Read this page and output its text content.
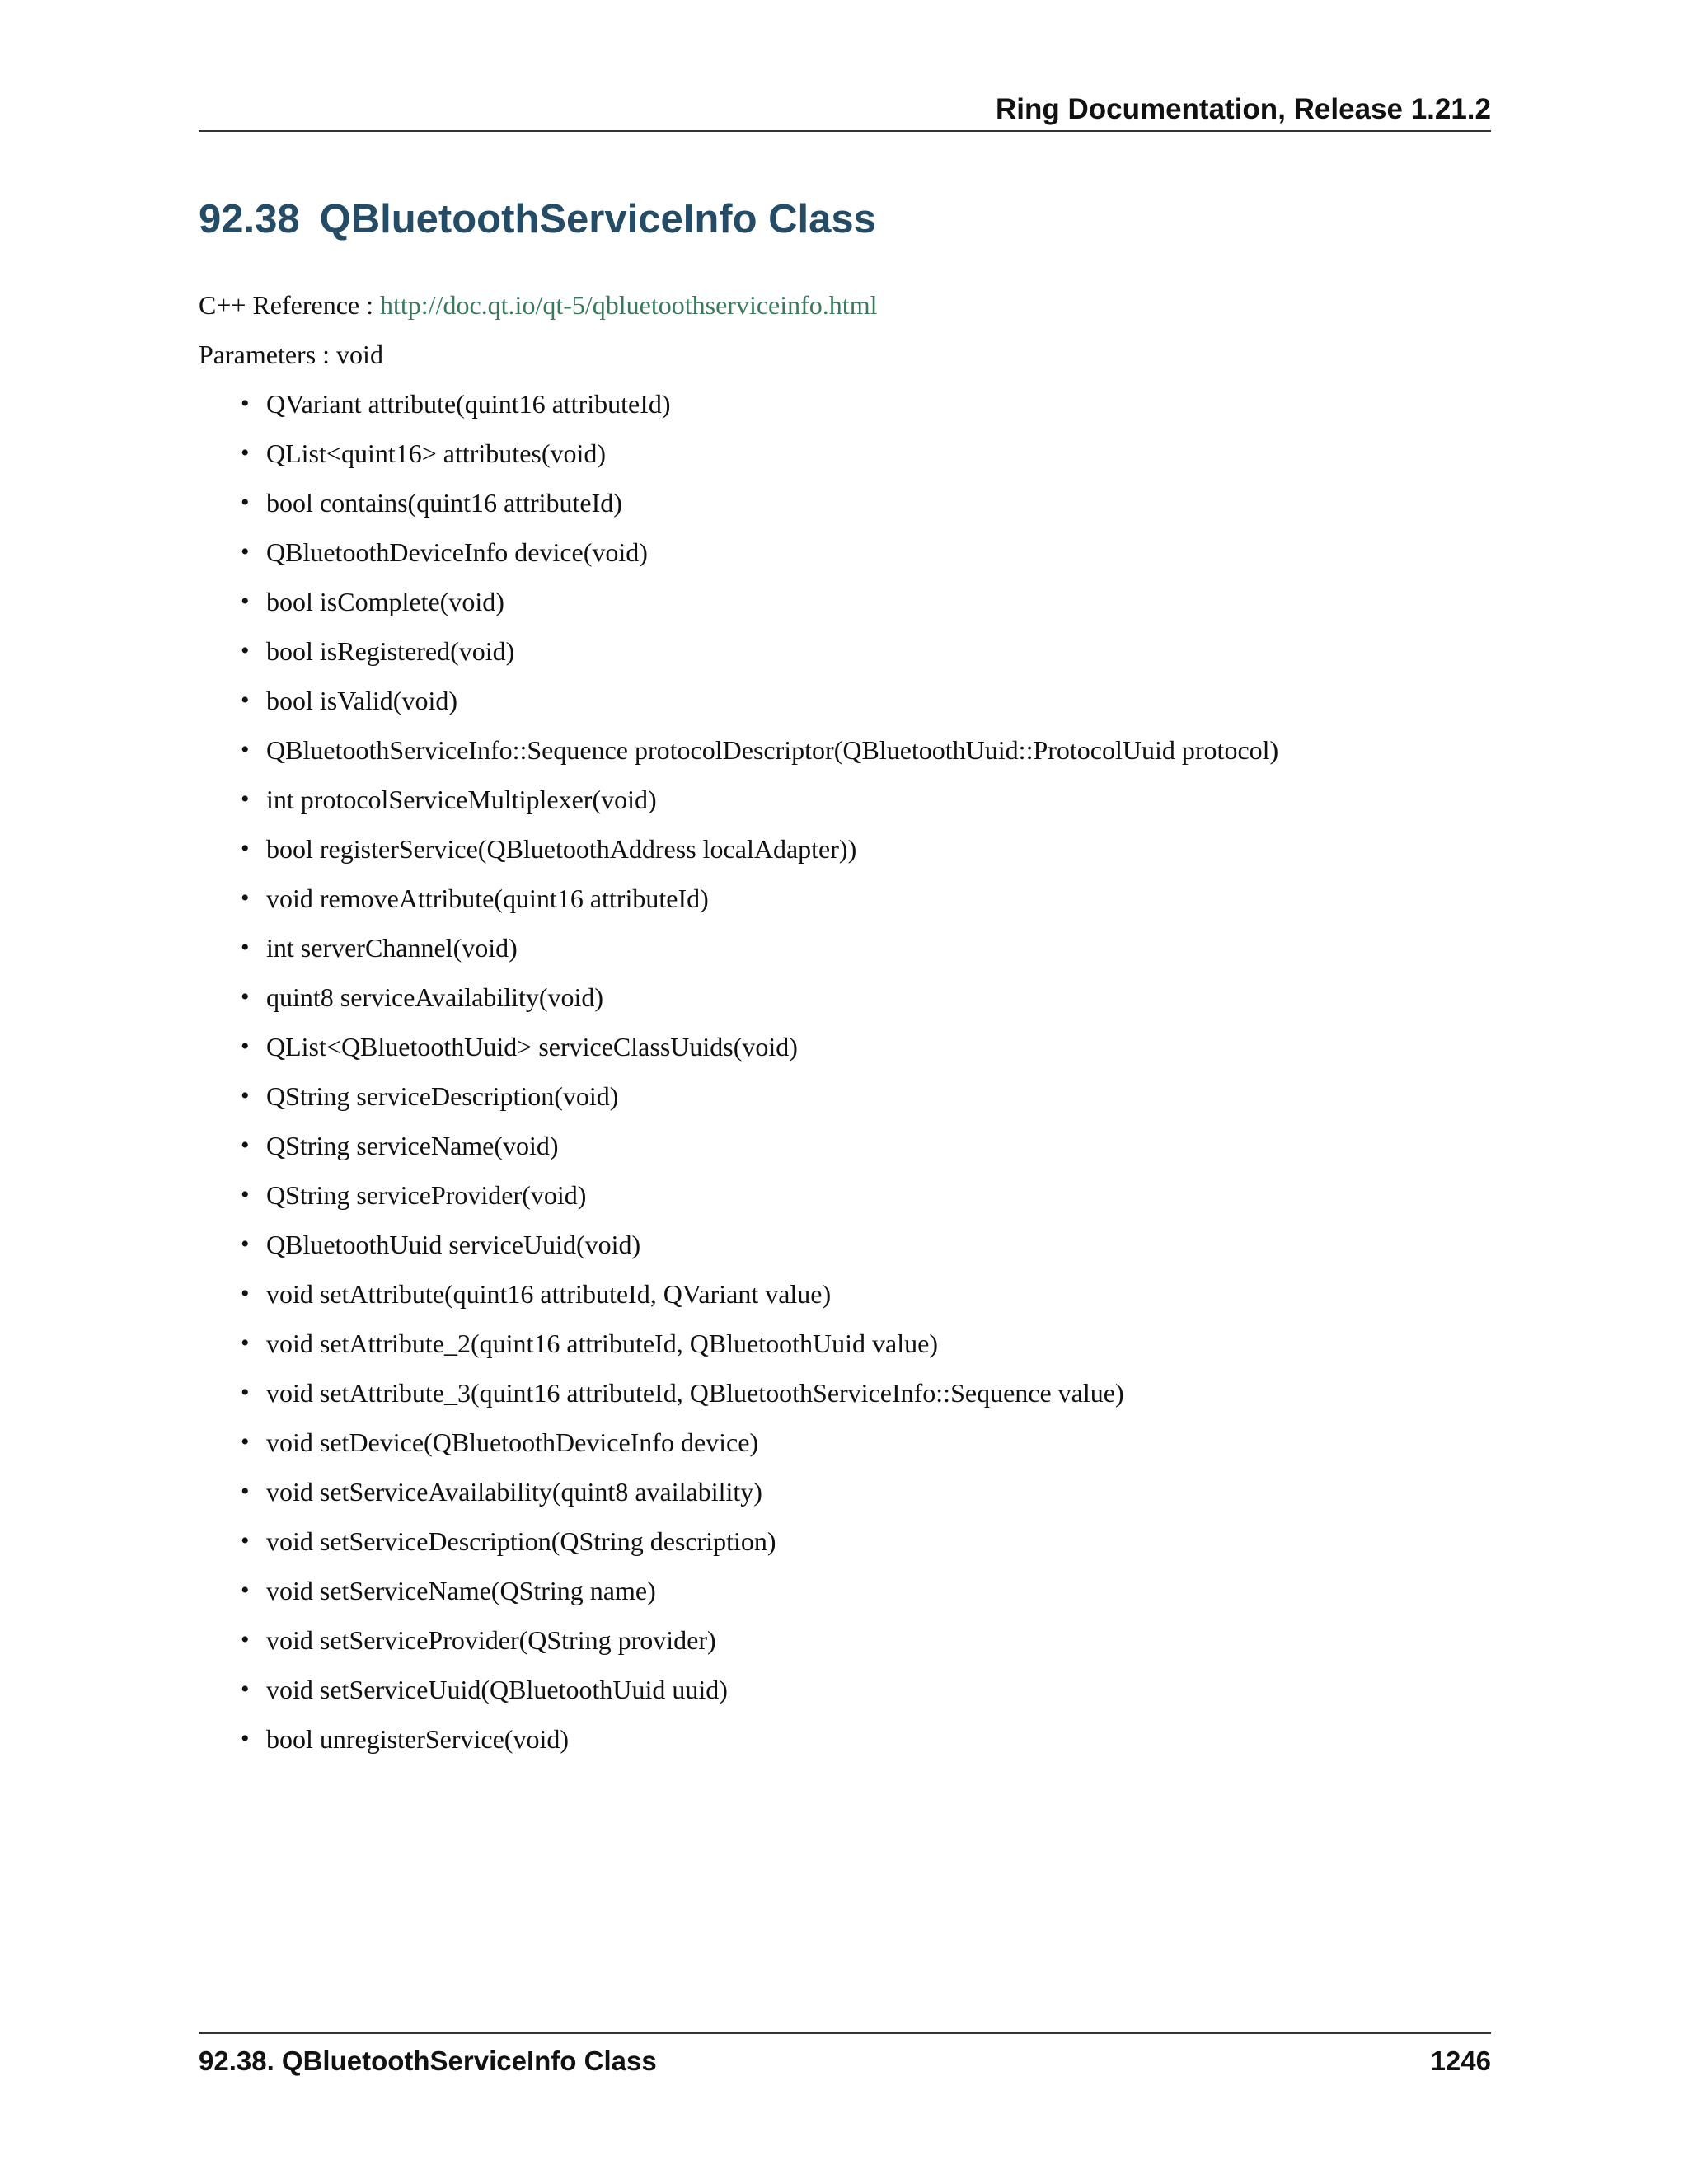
Ring Documentation, Release 1.21.2
92.38 QBluetoothServiceInfo Class
C++ Reference : http://doc.qt.io/qt-5/qbluetoothserviceinfo.html
Parameters : void
• QVariant attribute(quint16 attributeId)
• QList<quint16> attributes(void)
• bool contains(quint16 attributeId)
• QBluetoothDeviceInfo device(void)
• bool isComplete(void)
• bool isRegistered(void)
• bool isValid(void)
• QBluetoothServiceInfo::Sequence protocolDescriptor(QBluetoothUuid::ProtocolUuid protocol)
• int protocolServiceMultiplexer(void)
• bool registerService(QBluetoothAddress localAdapter))
• void removeAttribute(quint16 attributeId)
• int serverChannel(void)
• quint8 serviceAvailability(void)
• QList<QBluetoothUuid> serviceClassUuids(void)
• QString serviceDescription(void)
• QString serviceName(void)
• QString serviceProvider(void)
• QBluetoothUuid serviceUuid(void)
• void setAttribute(quint16 attributeId, QVariant value)
• void setAttribute_2(quint16 attributeId, QBluetoothUuid value)
• void setAttribute_3(quint16 attributeId, QBluetoothServiceInfo::Sequence value)
• void setDevice(QBluetoothDeviceInfo device)
• void setServiceAvailability(quint8 availability)
• void setServiceDescription(QString description)
• void setServiceName(QString name)
• void setServiceProvider(QString provider)
• void setServiceUuid(QBluetoothUuid uuid)
• bool unregisterService(void)
92.38. QBluetoothServiceInfo Class	1246
